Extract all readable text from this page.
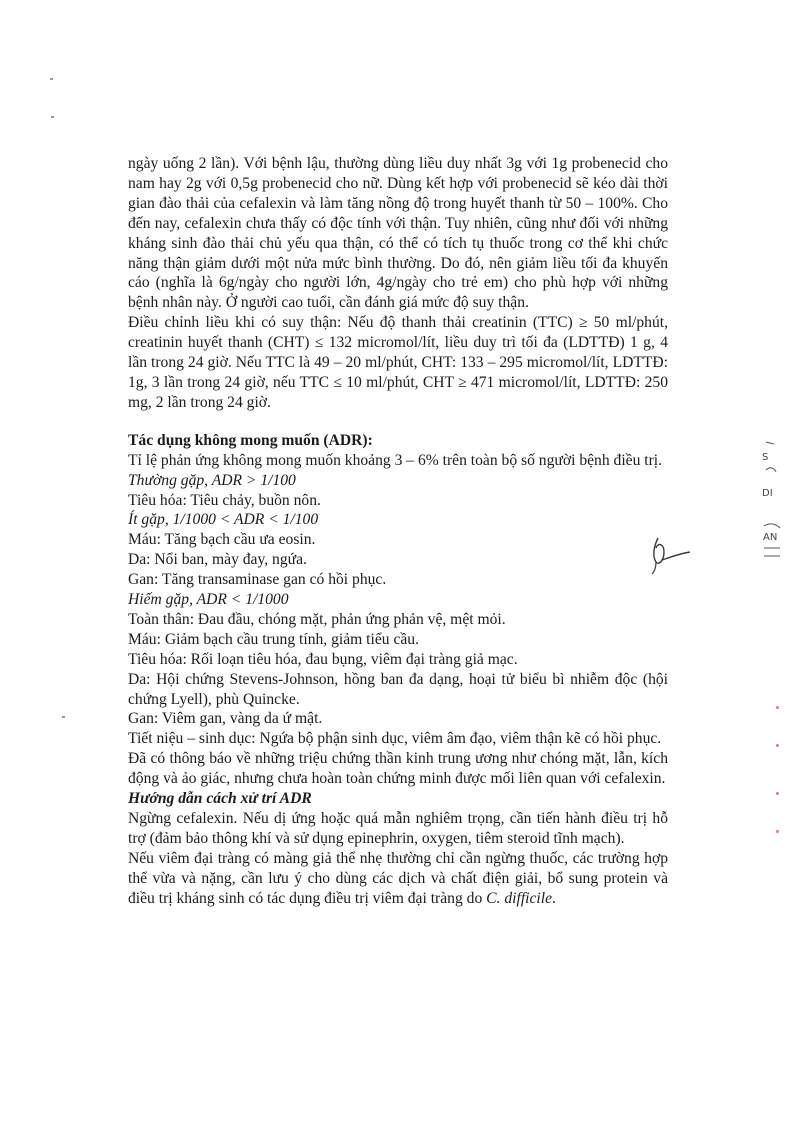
ngày uống 2 lần). Với bệnh lậu, thường dùng liều duy nhất 3g với 1g probenecid cho nam hay 2g với 0,5g probenecid cho nữ. Dùng kết hợp với probenecid sẽ kéo dài thời gian đào thải của cefalexin và làm tăng nồng độ trong huyết thanh từ 50 – 100%. Cho đến nay, cefalexin chưa thấy có độc tính với thận. Tuy nhiên, cũng như đối với những kháng sinh đào thải chủ yếu qua thận, có thể có tích tụ thuốc trong cơ thể khi chức năng thận giảm dưới một nửa mức bình thường. Do đó, nên giảm liều tối đa khuyến cáo (nghĩa là 6g/ngày cho người lớn, 4g/ngày cho trẻ em) cho phù hợp với những bệnh nhân này. Ở người cao tuổi, cần đánh giá mức độ suy thận.

Điều chỉnh liều khi có suy thận: Nếu độ thanh thải creatinin (TTC) ≥ 50 ml/phút, creatinin huyết thanh (CHT) ≤ 132 micromol/lít, liều duy trì tối đa (LDTTĐ) 1 g, 4 lần trong 24 giờ. Nếu TTC là 49 – 20 ml/phút, CHT: 133 – 295 micromol/lít, LDTTĐ: 1g, 3 lần trong 24 giờ, nếu TTC ≤ 10 ml/phút, CHT ≥ 471 micromol/lít, LDTTĐ: 250 mg, 2 lần trong 24 giờ.

Tác dụng không mong muốn (ADR):

Tỉ lệ phản ứng không mong muốn khoảng 3 – 6% trên toàn bộ số người bệnh điều trị.

Thường gặp, ADR > 1/100

Tiêu hóa: Tiêu chảy, buồn nôn.

Ít gặp, 1/1000 < ADR < 1/100

Máu: Tăng bạch cầu ưa eosin.

Da: Nổi ban, mày đay, ngứa.

Gan: Tăng transaminase gan có hồi phục.

Hiếm gặp, ADR < 1/1000

Toàn thân: Đau đầu, chóng mặt, phản ứng phản vệ, mệt mỏi.

Máu: Giảm bạch cầu trung tính, giảm tiểu cầu.

Tiêu hóa: Rối loạn tiêu hóa, đau bụng, viêm đại tràng giả mạc.

Da: Hội chứng Stevens-Johnson, hồng ban đa dạng, hoại tử biểu bì nhiễm độc (hội chứng Lyell), phù Quincke.

Gan: Viêm gan, vàng da ứ mật.

Tiết niệu – sinh dục: Ngứa bộ phận sinh dục, viêm âm đạo, viêm thận kẽ có hồi phục.

Đã có thông báo về những triệu chứng thần kinh trung ương như chóng mặt, lẫn, kích động và ảo giác, nhưng chưa hoàn toàn chứng minh được mối liên quan với cefalexin.

Hướng dẫn cách xử trí ADR

Ngừng cefalexin. Nếu dị ứng hoặc quá mẫn nghiêm trọng, cần tiến hành điều trị hỗ trợ (đảm bảo thông khí và sử dụng epinephrin, oxygen, tiêm steroid tĩnh mạch).

Nếu viêm đại tràng có màng giả thể nhẹ thường chỉ cần ngừng thuốc, các trường hợp thể vừa và nặng, cần lưu ý cho dùng các dịch và chất điện giải, bổ sung protein và điều trị kháng sinh có tác dụng điều trị viêm đại tràng do C. difficile.

S
DI
AN
